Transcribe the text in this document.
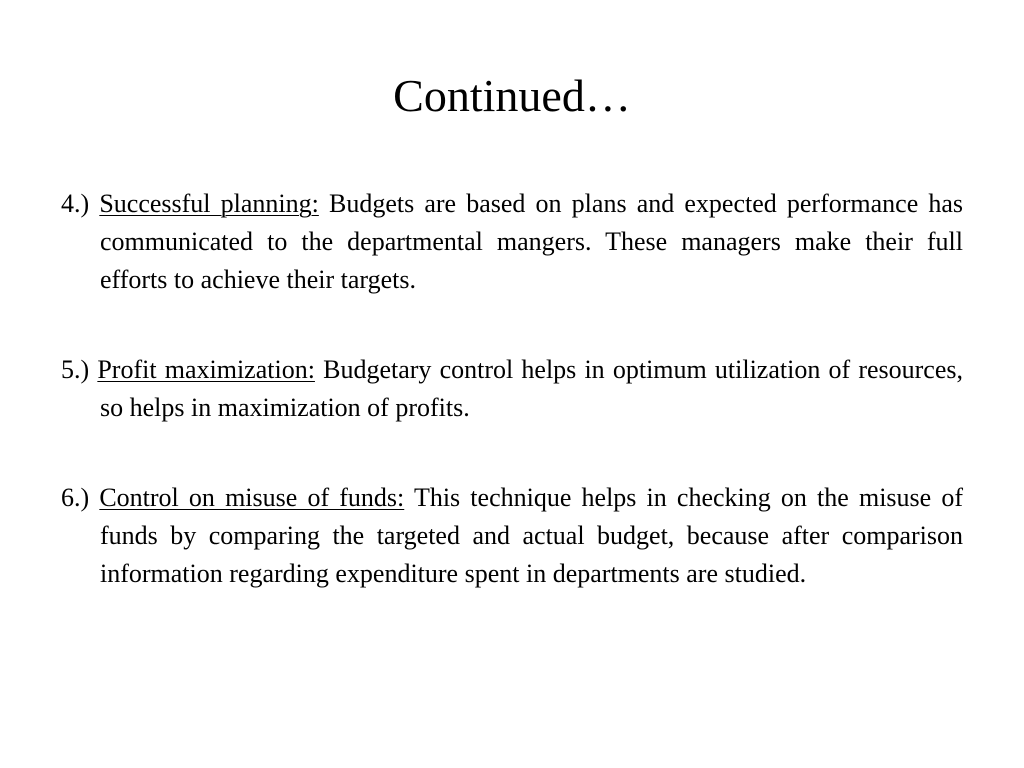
Continued…

4.) Successful planning: Budgets are based on plans and expected performance has communicated to the departmental mangers. These managers make their full efforts to achieve their targets.

5.) Profit maximization: Budgetary control helps in optimum utilization of resources, so helps in maximization of profits.

6.) Control on misuse of funds: This technique helps in checking on the misuse of funds by comparing the targeted and actual budget, because after comparison information regarding expenditure spent in departments are studied.
